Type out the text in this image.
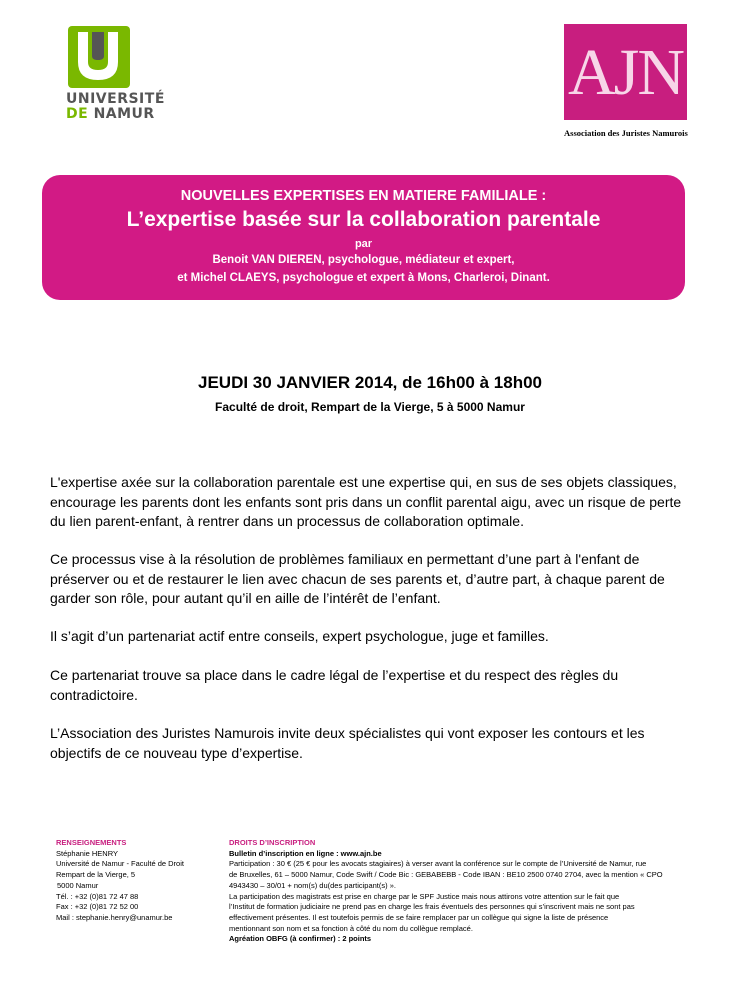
UNIVERSITÉ
DE NAMUR
AJN
Association des Juristes Namurois
NOUVELLES EXPERTISES EN MATIERE FAMILIALE :
L’expertise basée sur la collaboration parentale
par
Benoit VAN DIEREN, psychologue, médiateur et expert,
et Michel CLAEYS, psychologue et expert à Mons, Charleroi, Dinant.
JEUDI 30 JANVIER 2014, de 16h00 à 18h00
Faculté de droit, Rempart de la Vierge, 5 à 5000 Namur

L'expertise axée sur la collaboration parentale est une expertise qui, en sus de ses objets classiques, encourage les parents dont les enfants sont pris dans un conflit parental aigu, avec un risque de perte du lien parent-enfant, à rentrer dans un processus de collaboration optimale.

Ce processus vise à la résolution de problèmes familiaux en permettant d’une part à l'enfant de préserver ou et de restaurer le lien avec chacun de ses parents et, d’autre part, à chaque parent de garder son rôle, pour autant qu’il en aille de l’intérêt de l’enfant.

Il s’agit d’un partenariat actif entre conseils, expert psychologue, juge et familles.

Ce partenariat trouve sa place dans le cadre légal de l’expertise et du respect des règles du contradictoire.

L’Association des Juristes Namurois invite deux spécialistes qui vont exposer les contours et les objectifs de ce nouveau type d’expertise.

RENSEIGNEMENTS
Stéphanie HENRY
Université de Namur - Faculté de Droit
Rempart de la Vierge, 5
5000 Namur
Tél. : +32 (0)81 72 47 88
Fax : +32 (0)81 72 52 00
Mail : stephanie.henry@unamur.be
DROITS D’INSCRIPTION
Bulletin d’inscription en ligne : www.ajn.be
Participation : 30 € (25 € pour les avocats stagiaires) à verser avant la conférence sur le compte de l’Université de Namur, rue
de Bruxelles, 61 – 5000 Namur, Code Swift / Code Bic : GEBABEBB - Code IBAN : BE10 2500 0740 2704, avec la mention « CPO
4943430 – 30/01 + nom(s) du(des participant(s) ».
La participation des magistrats est prise en charge par le SPF Justice mais nous attirons votre attention sur le fait que
l’Institut de formation judiciaire ne prend pas en charge les frais éventuels des personnes qui s’inscrivent mais ne sont pas
effectivement présentes. Il est toutefois permis de se faire remplacer par un collègue qui signe la liste de présence
mentionnant son nom et sa fonction à côté du nom du collègue remplacé.
Agréation OBFG (à confirmer) : 2 points
